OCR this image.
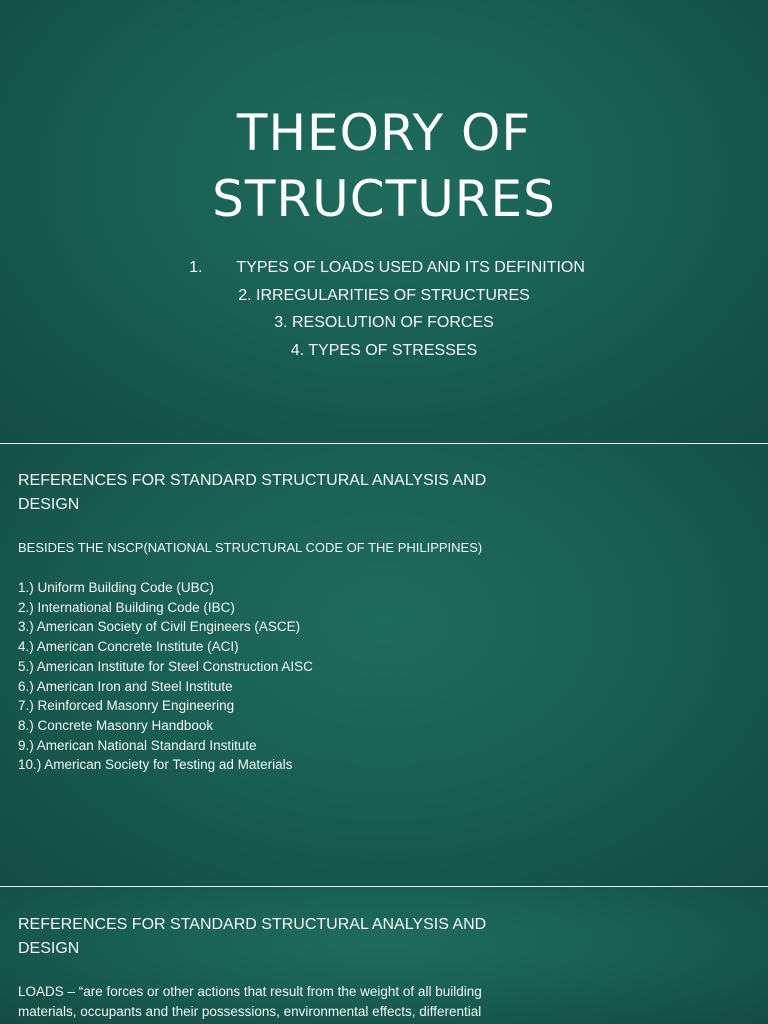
THEORY OF
STRUCTURES
1. TYPES OF LOADS USED AND ITS DEFINITION
2. IRREGULARITIES OF STRUCTURES
3. RESOLUTION OF FORCES
4. TYPES OF STRESSES
REFERENCES FOR STANDARD STRUCTURAL ANALYSIS AND
DESIGN

BESIDES THE NSCP(NATIONAL STRUCTURAL CODE OF THE PHILIPPINES)

1.) Uniform Building Code (UBC)
2.) International Building Code (IBC)
3.) American Society of Civil Engineers (ASCE)
4.) American Concrete Institute (ACI)
5.) American Institute for Steel Construction AISC
6.) American Iron and Steel Institute
7.) Reinforced Masonry Engineering
8.) Concrete Masonry Handbook
9.) American National Standard Institute
10.) American Society for Testing ad Materials
REFERENCES FOR STANDARD STRUCTURAL ANALYSIS AND
DESIGN

LOADS – “are forces or other actions that result from the weight of all building
materials, occupants and their possessions, environmental effects, differential
